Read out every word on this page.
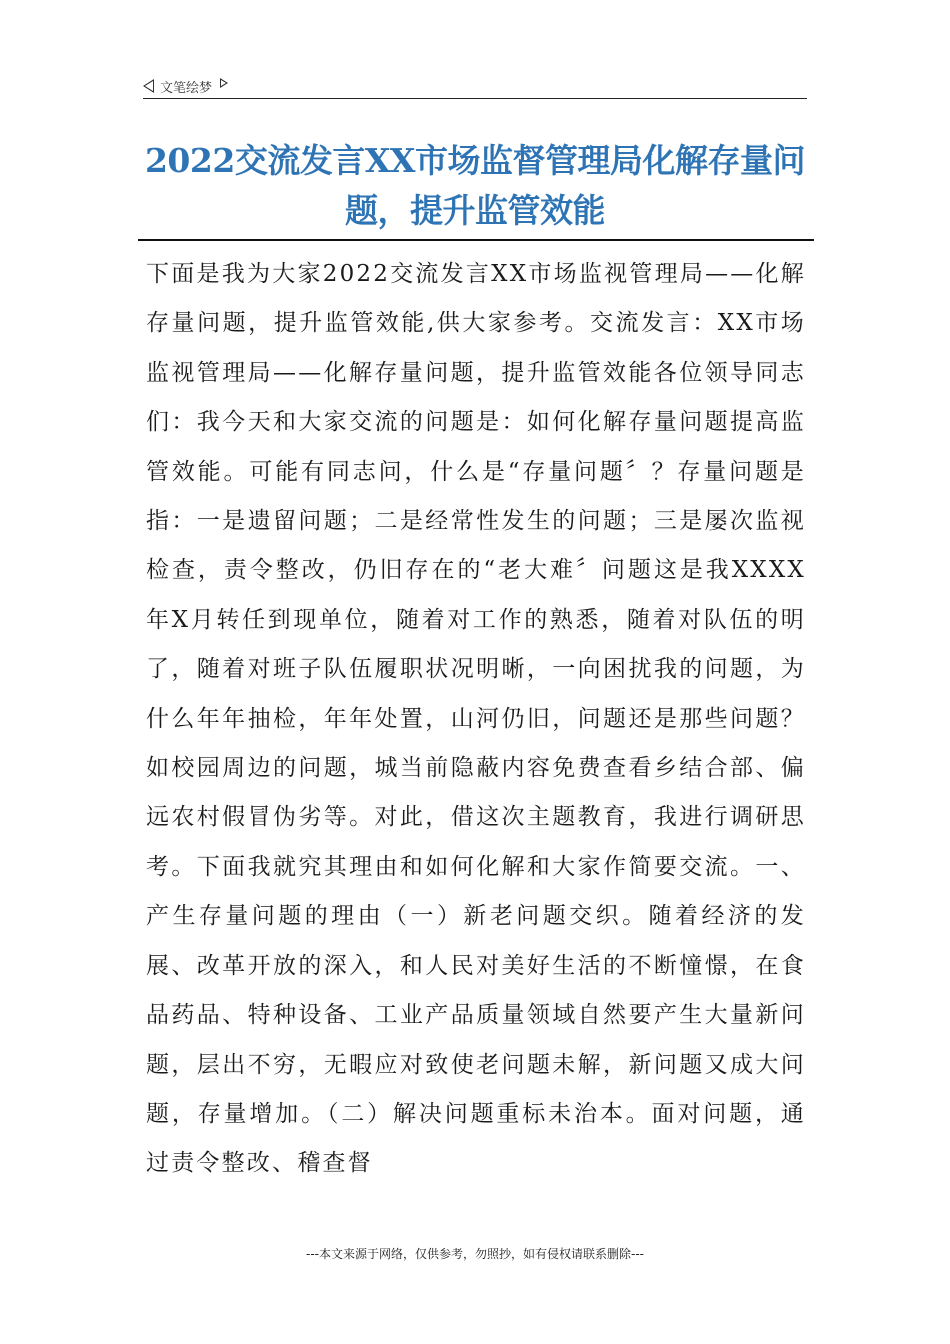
文笔绘梦
2022交流发言XX市场监督管理局化解存量问题，提升监管效能
下面是我为大家2022交流发言XX市场监视管理局——化解存量问题，提升监管效能,供大家参考。交流发言：XX市场监视管理局——化解存量问题，提升监管效能各位领导同志们：我今天和大家交流的问题是：如何化解存量问题提高监管效能。可能有同志问，什么是“存量问题〞？存量问题是指：一是遗留问题；二是经常性发生的问题；三是屡次监视检查，责令整改，仍旧存在的“老大难〞问题这是我XXXX年X月转任到现单位，随着对工作的熟悉，随着对队伍的明了，随着对班子队伍履职状况明晰，一向困扰我的问题，为什么年年抽检，年年处置，山河仍旧，问题还是那些问题？如校园周边的问题，城当前隐蔽内容免费查看乡结合部、偏远农村假冒伪劣等。对此，借这次主题教育，我进行调研思考。下面我就究其理由和如何化解和大家作简要交流。一、产生存量问题的理由（一）新老问题交织。随着经济的发展、改革开放的深入，和人民对美好生活的不断憧憬，在食品药品、特种设备、工业产品质量领域自然要产生大量新问题，层出不穷，无暇应对致使老问题未解，新问题又成大问题，存量增加。（二）解决问题重标未治本。面对问题，通过责令整改、稽查督
---本文来源于网络，仅供参考，勿照抄，如有侵权请联系删除---
